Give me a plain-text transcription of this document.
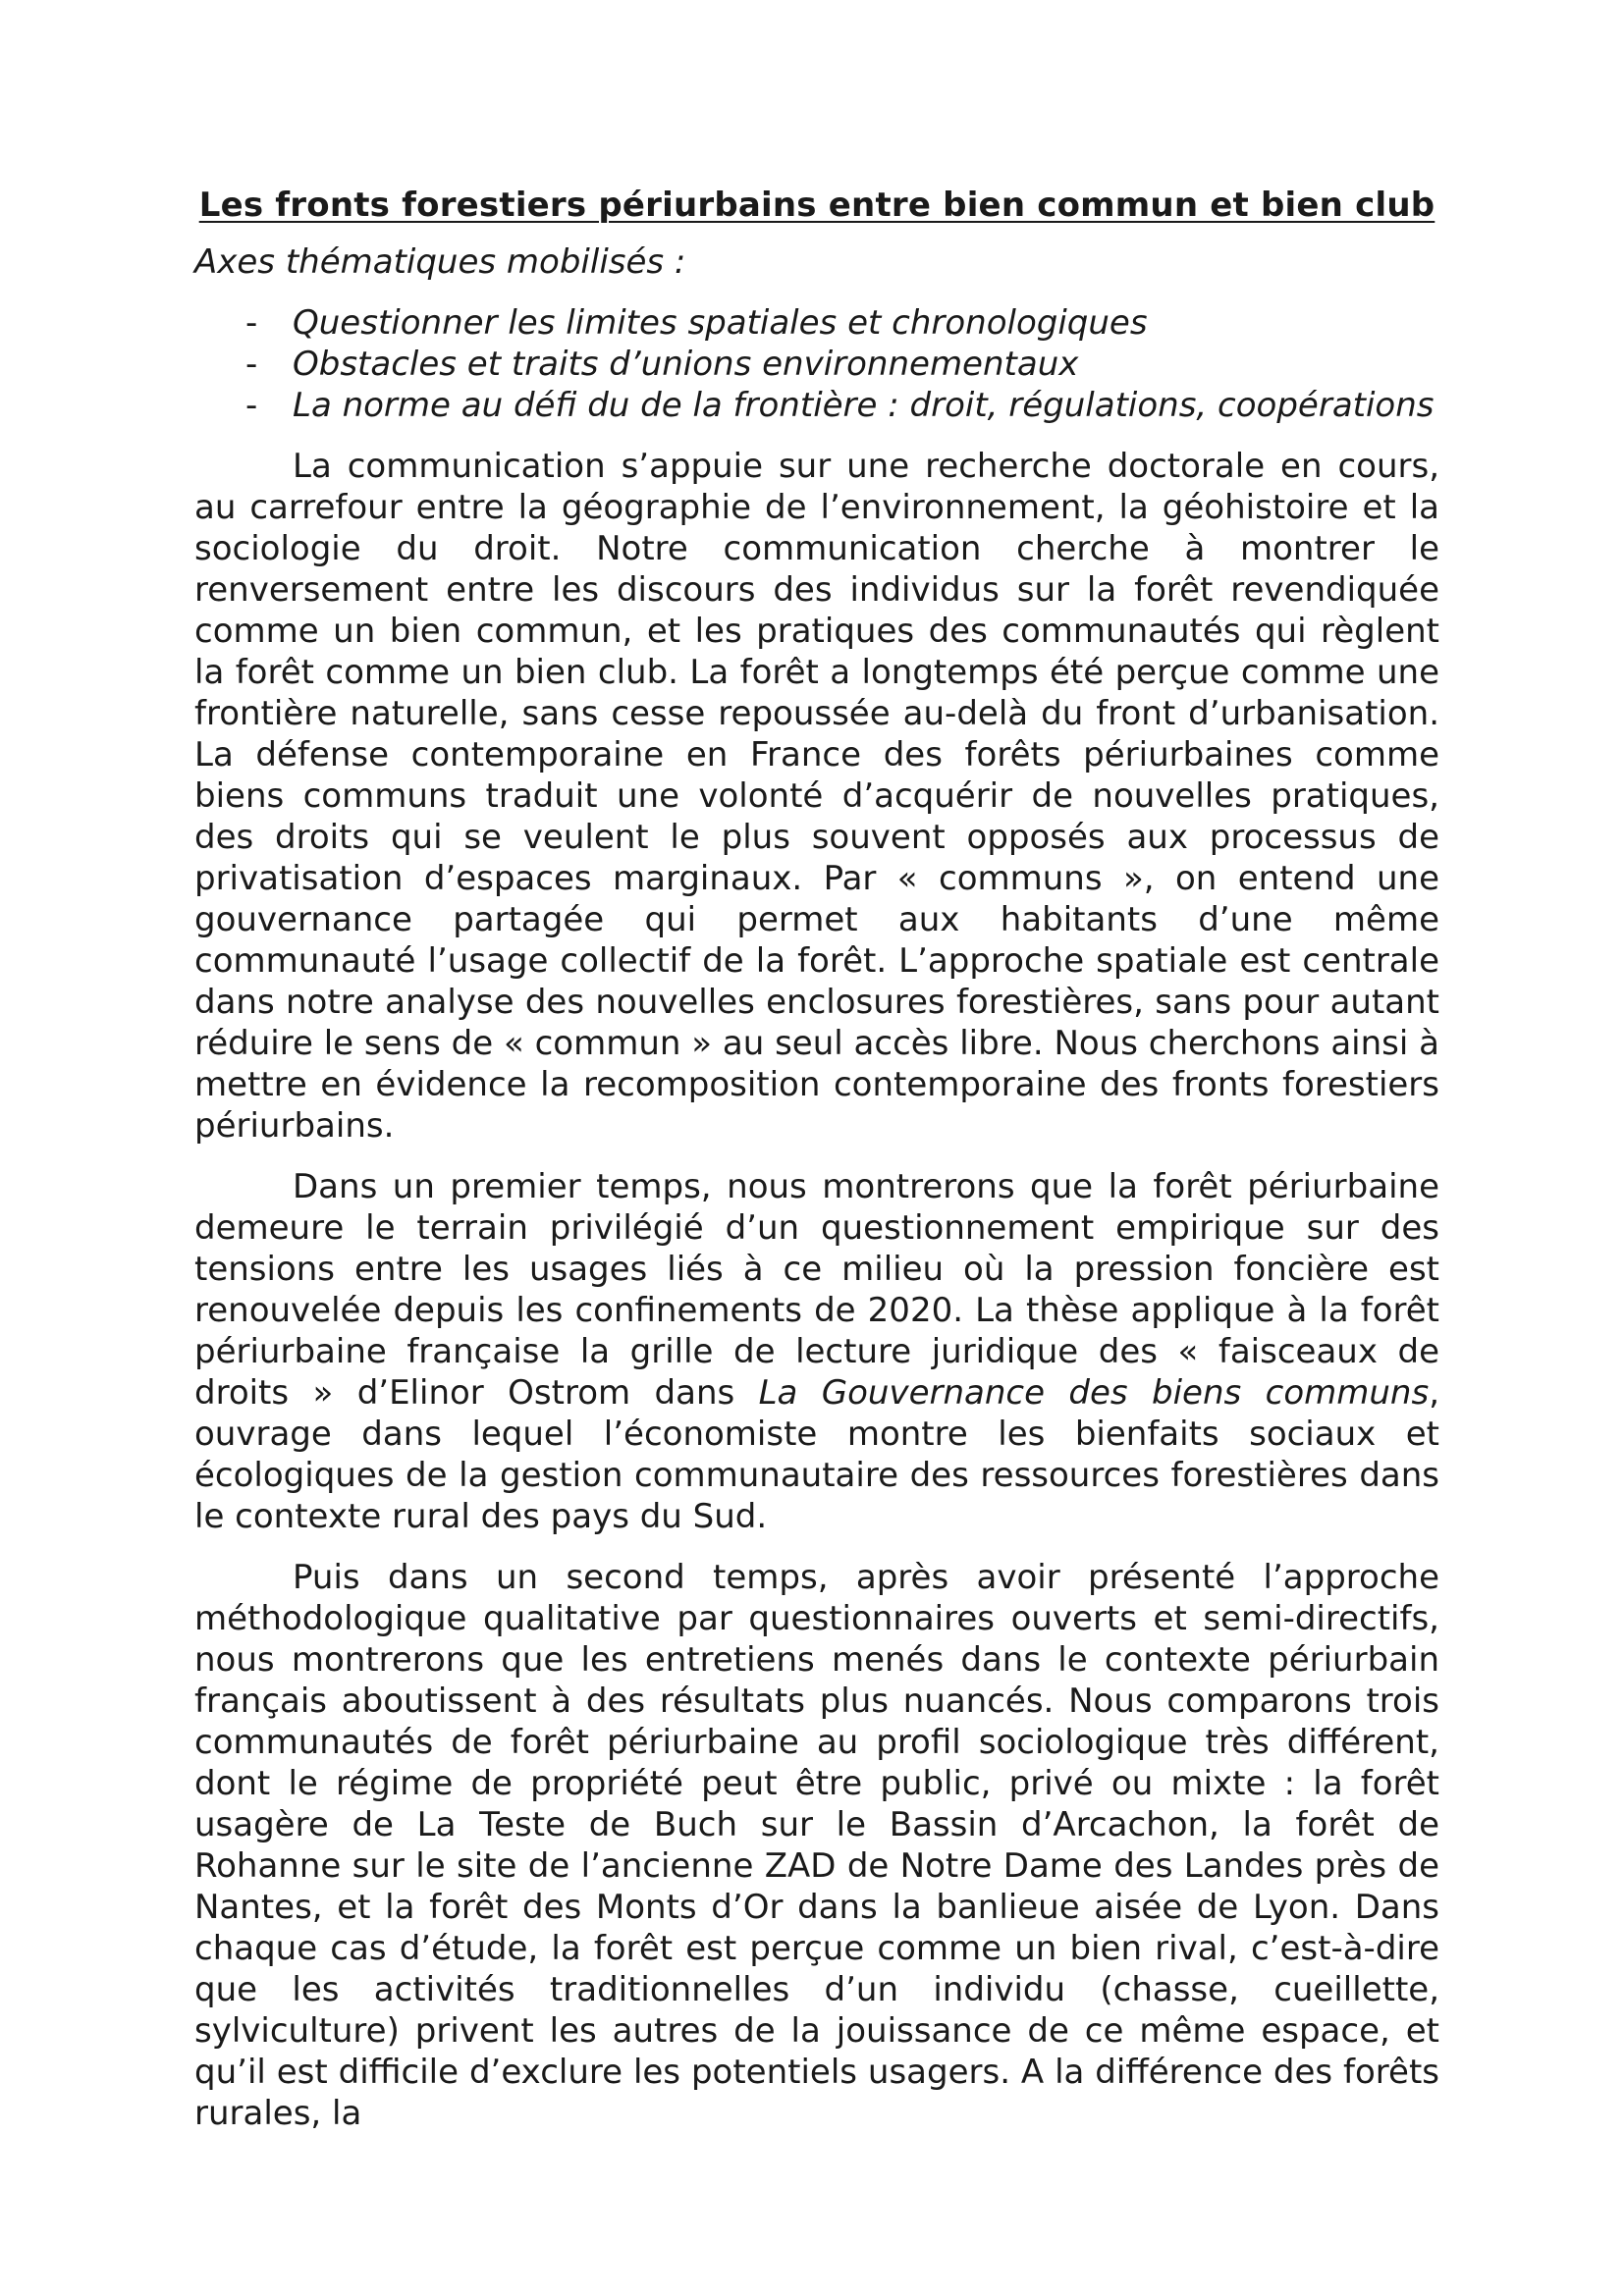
Les fronts forestiers périurbains entre bien commun et bien club

Axes thématiques mobilisés :

- Questionner les limites spatiales et chronologiques
- Obstacles et traits d’unions environnementaux
- La norme au défi du de la frontière : droit, régulations, coopérations

La communication s’appuie sur une recherche doctorale en cours, au carrefour entre la géographie de l’environnement, la géohistoire et la sociologie du droit. Notre communication cherche à montrer le renversement entre les discours des individus sur la forêt revendiquée comme un bien commun, et les pratiques des communautés qui règlent la forêt comme un bien club. La forêt a longtemps été perçue comme une frontière naturelle, sans cesse repoussée au-delà du front d’urbanisation. La défense contemporaine en France des forêts périurbaines comme biens communs traduit une volonté d’acquérir de nouvelles pratiques, des droits qui se veulent le plus souvent opposés aux processus de privatisation d’espaces marginaux. Par « communs », on entend une gouvernance partagée qui permet aux habitants d’une même communauté l’usage collectif de la forêt. L’approche spatiale est centrale dans notre analyse des nouvelles enclosures forestières, sans pour autant réduire le sens de « commun » au seul accès libre. Nous cherchons ainsi à mettre en évidence la recomposition contemporaine des fronts forestiers périurbains.

Dans un premier temps, nous montrerons que la forêt périurbaine demeure le terrain privilégié d’un questionnement empirique sur des tensions entre les usages liés à ce milieu où la pression foncière est renouvelée depuis les confinements de 2020. La thèse applique à la forêt périurbaine française la grille de lecture juridique des « faisceaux de droits » d’Elinor Ostrom dans La Gouvernance des biens communs, ouvrage dans lequel l’économiste montre les bienfaits sociaux et écologiques de la gestion communautaire des ressources forestières dans le contexte rural des pays du Sud.

Puis dans un second temps, après avoir présenté l’approche méthodologique qualitative par questionnaires ouverts et semi-directifs, nous montrerons que les entretiens menés dans le contexte périurbain français aboutissent à des résultats plus nuancés. Nous comparons trois communautés de forêt périurbaine au profil sociologique très différent, dont le régime de propriété peut être public, privé ou mixte : la forêt usagère de La Teste de Buch sur le Bassin d’Arcachon, la forêt de Rohanne sur le site de l’ancienne ZAD de Notre Dame des Landes près de Nantes, et la forêt des Monts d’Or dans la banlieue aisée de Lyon. Dans chaque cas d’étude, la forêt est perçue comme un bien rival, c’est-à-dire que les activités traditionnelles d’un individu (chasse, cueillette, sylviculture) privent les autres de la jouissance de ce même espace, et qu’il est difficile d’exclure les potentiels usagers. A la différence des forêts rurales, la
